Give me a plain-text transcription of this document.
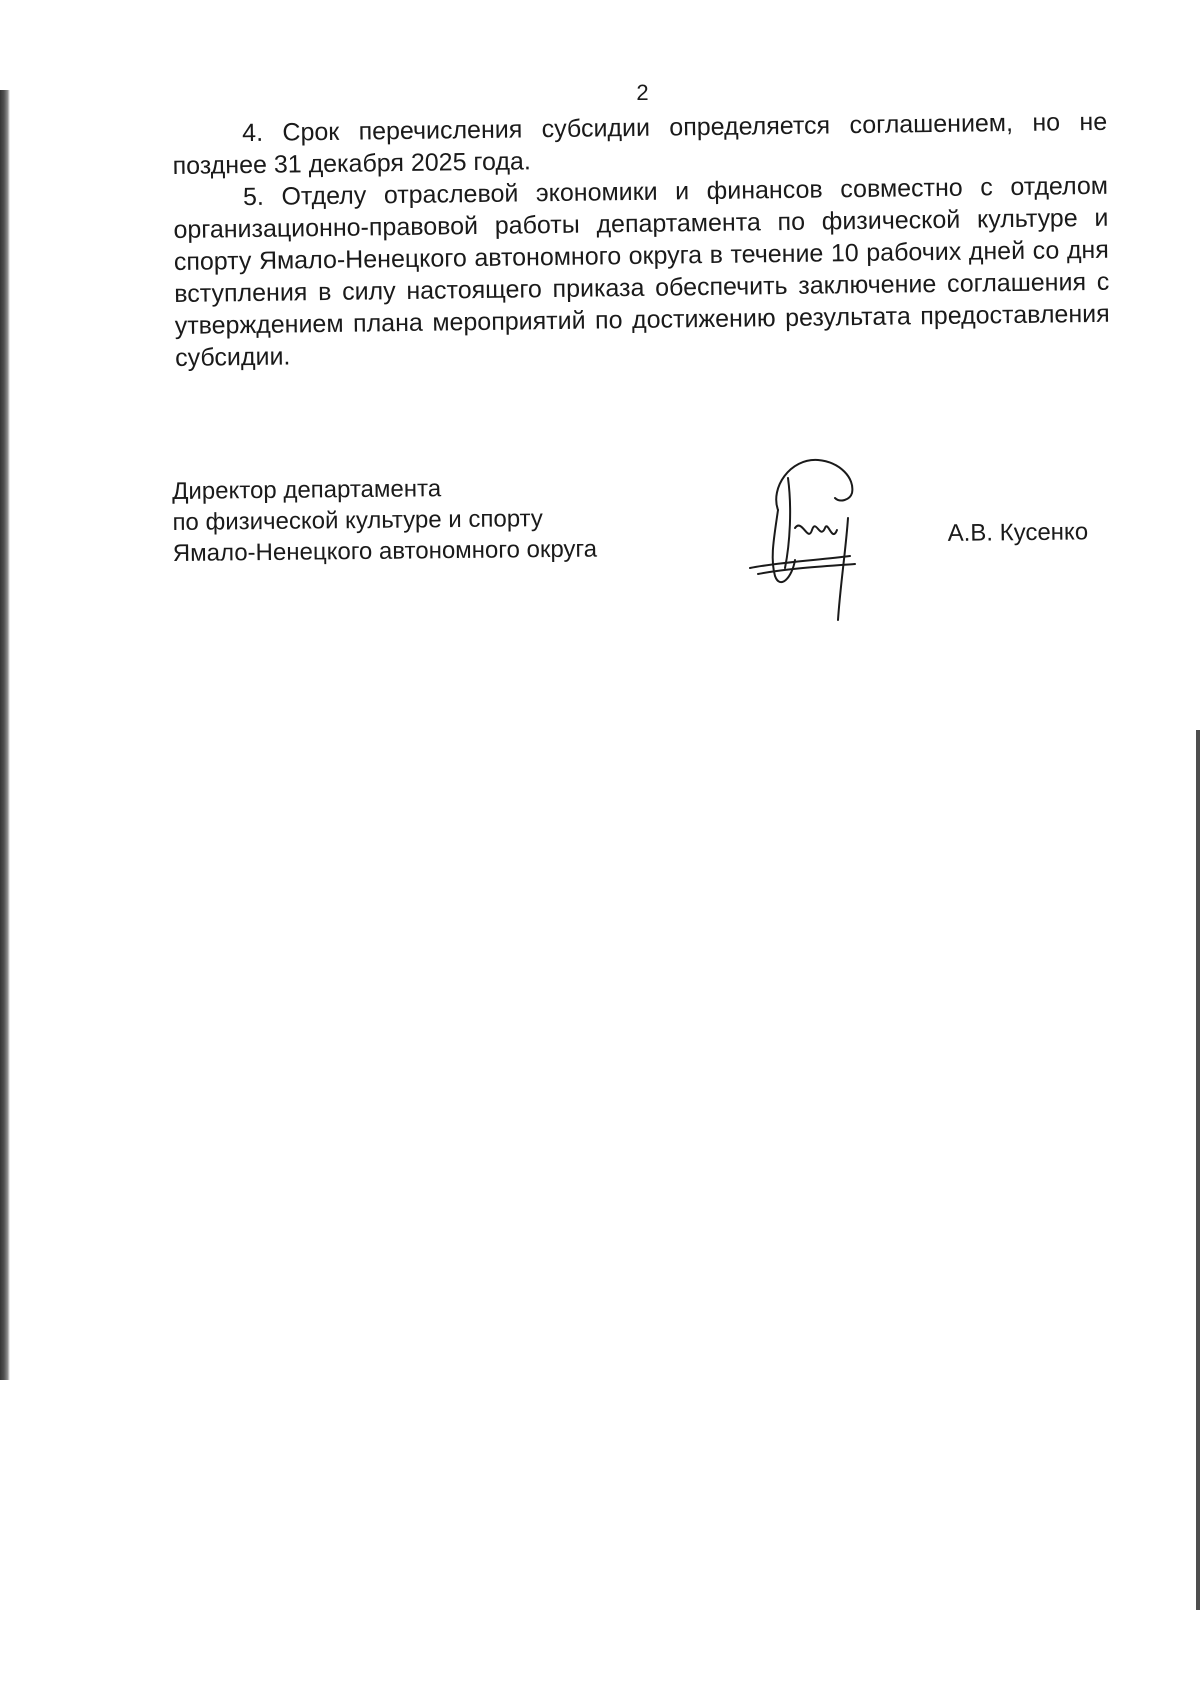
2

4. Срок перечисления субсидии определяется соглашением, но не позднее 31 декабря 2025 года.

5. Отделу отраслевой экономики и финансов совместно с отделом организационно-правовой работы департамента по физической культуре и спорту Ямало-Ненецкого автономного округа в течение 10 рабочих дней со дня вступления в силу настоящего приказа обеспечить заключение соглашения с утверждением плана мероприятий по достижению результата предоставления субсидии.

Директор департамента
по физической культуре и спорту
Ямало-Ненецкого автономного округа
А.В. Кусенко
